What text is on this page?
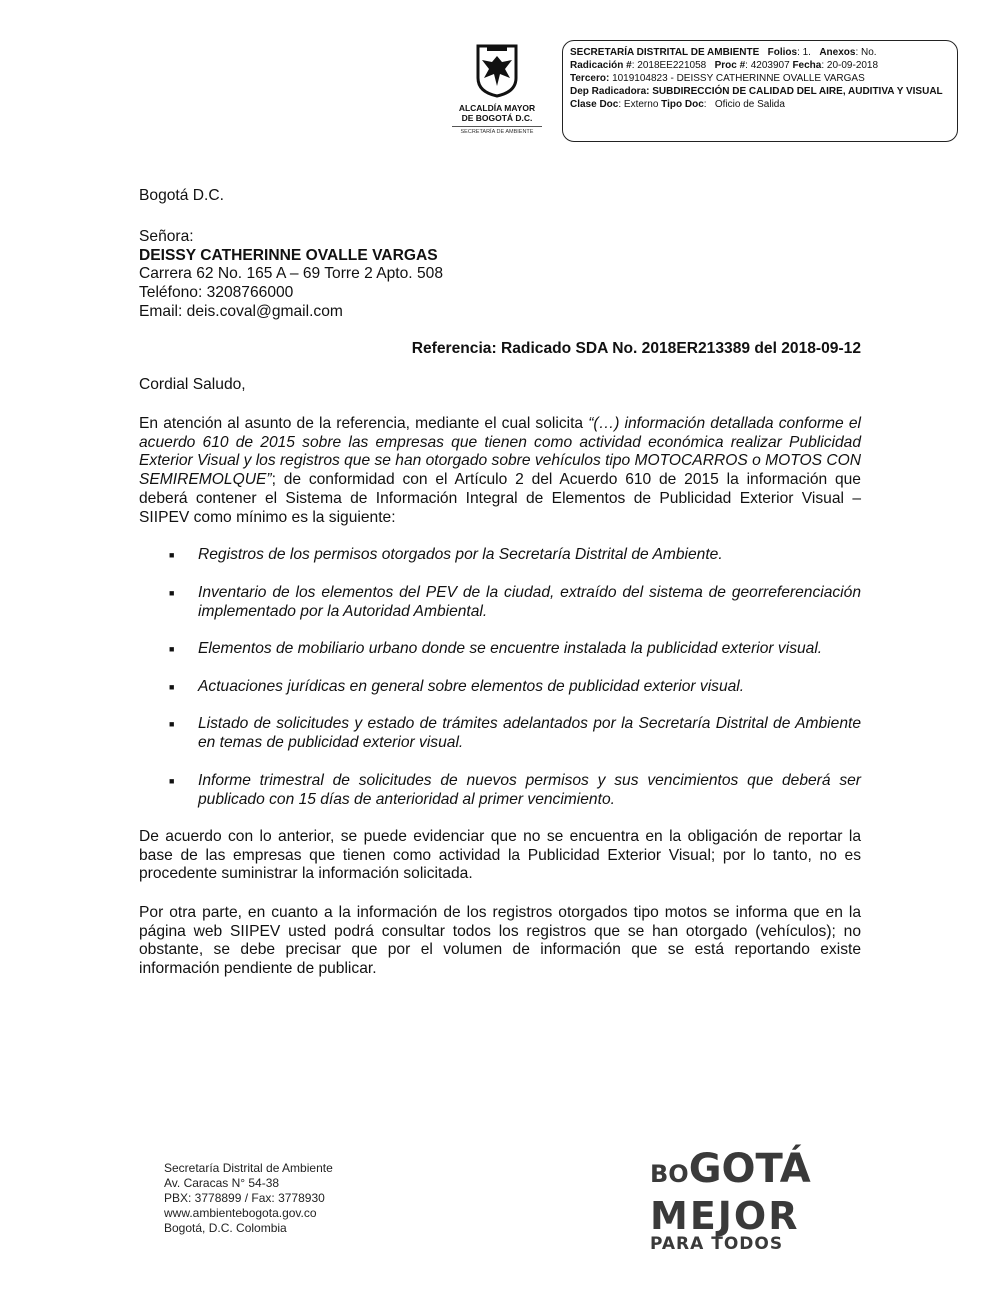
ALCALDÍA MAYOR
DE BOGOTÁ D.C.
SECRETARÍA DE AMBIENTE
SECRETARÍA DISTRITAL DE AMBIENTE Folios: 1. Anexos: No.
Radicación #: 2018EE221058 Proc #: 4203907 Fecha: 20-09-2018
Tercero: 1019104823 - DEISSY CATHERINNE OVALLE VARGAS
Dep Radicadora: SUBDIRECCIÓN DE CALIDAD DEL AIRE, AUDITIVA Y VISUAL
Clase Doc: Externo Tipo Doc:   Oficio de Salida
Bogotá D.C.
Señora:
DEISSY CATHERINNE OVALLE VARGAS
Carrera 62 No. 165 A – 69 Torre 2 Apto. 508
Teléfono: 3208766000
Email: deis.coval@gmail.com
Referencia: Radicado SDA No. 2018ER213389 del 2018-09-12
Cordial Saludo,
En atención al asunto de la referencia, mediante el cual solicita “(…) información detallada conforme el acuerdo 610 de 2015 sobre las empresas que tienen como actividad económica realizar Publicidad Exterior Visual y los registros que se han otorgado sobre vehículos tipo MOTOCARROS o MOTOS CON SEMIREMOLQUE”; de conformidad con el Artículo 2 del Acuerdo 610 de 2015 la información que deberá contener el Sistema de Información Integral de Elementos de Publicidad Exterior Visual – SIIPEV como mínimo es la siguiente:
■ Registros de los permisos otorgados por la Secretaría Distrital de Ambiente.
■ Inventario de los elementos del PEV de la ciudad, extraído del sistema de georreferenciación implementado por la Autoridad Ambiental.
■ Elementos de mobiliario urbano donde se encuentre instalada la publicidad exterior visual.
■ Actuaciones jurídicas en general sobre elementos de publicidad exterior visual.
■ Listado de solicitudes y estado de trámites adelantados por la Secretaría Distrital de Ambiente en temas de publicidad exterior visual.
■ Informe trimestral de solicitudes de nuevos permisos y sus vencimientos que deberá ser publicado con 15 días de anterioridad al primer vencimiento.
De acuerdo con lo anterior, se puede evidenciar que no se encuentra en la obligación de reportar la base de las empresas que tienen como actividad la Publicidad Exterior Visual; por lo tanto, no es procedente suministrar la información solicitada.
Por otra parte, en cuanto a la información de los registros otorgados tipo motos se informa que en la página web SIIPEV usted podrá consultar todos los registros que se han otorgado (vehículos); no obstante, se debe precisar que por el volumen de información que se está reportando existe información pendiente de publicar.
Secretaría Distrital de Ambiente
Av. Caracas N° 54-38
PBX: 3778899 / Fax: 3778930
www.ambientebogota.gov.co
Bogotá, D.C. Colombia
BOGOTÁ
MEJOR
PARA TODOS
